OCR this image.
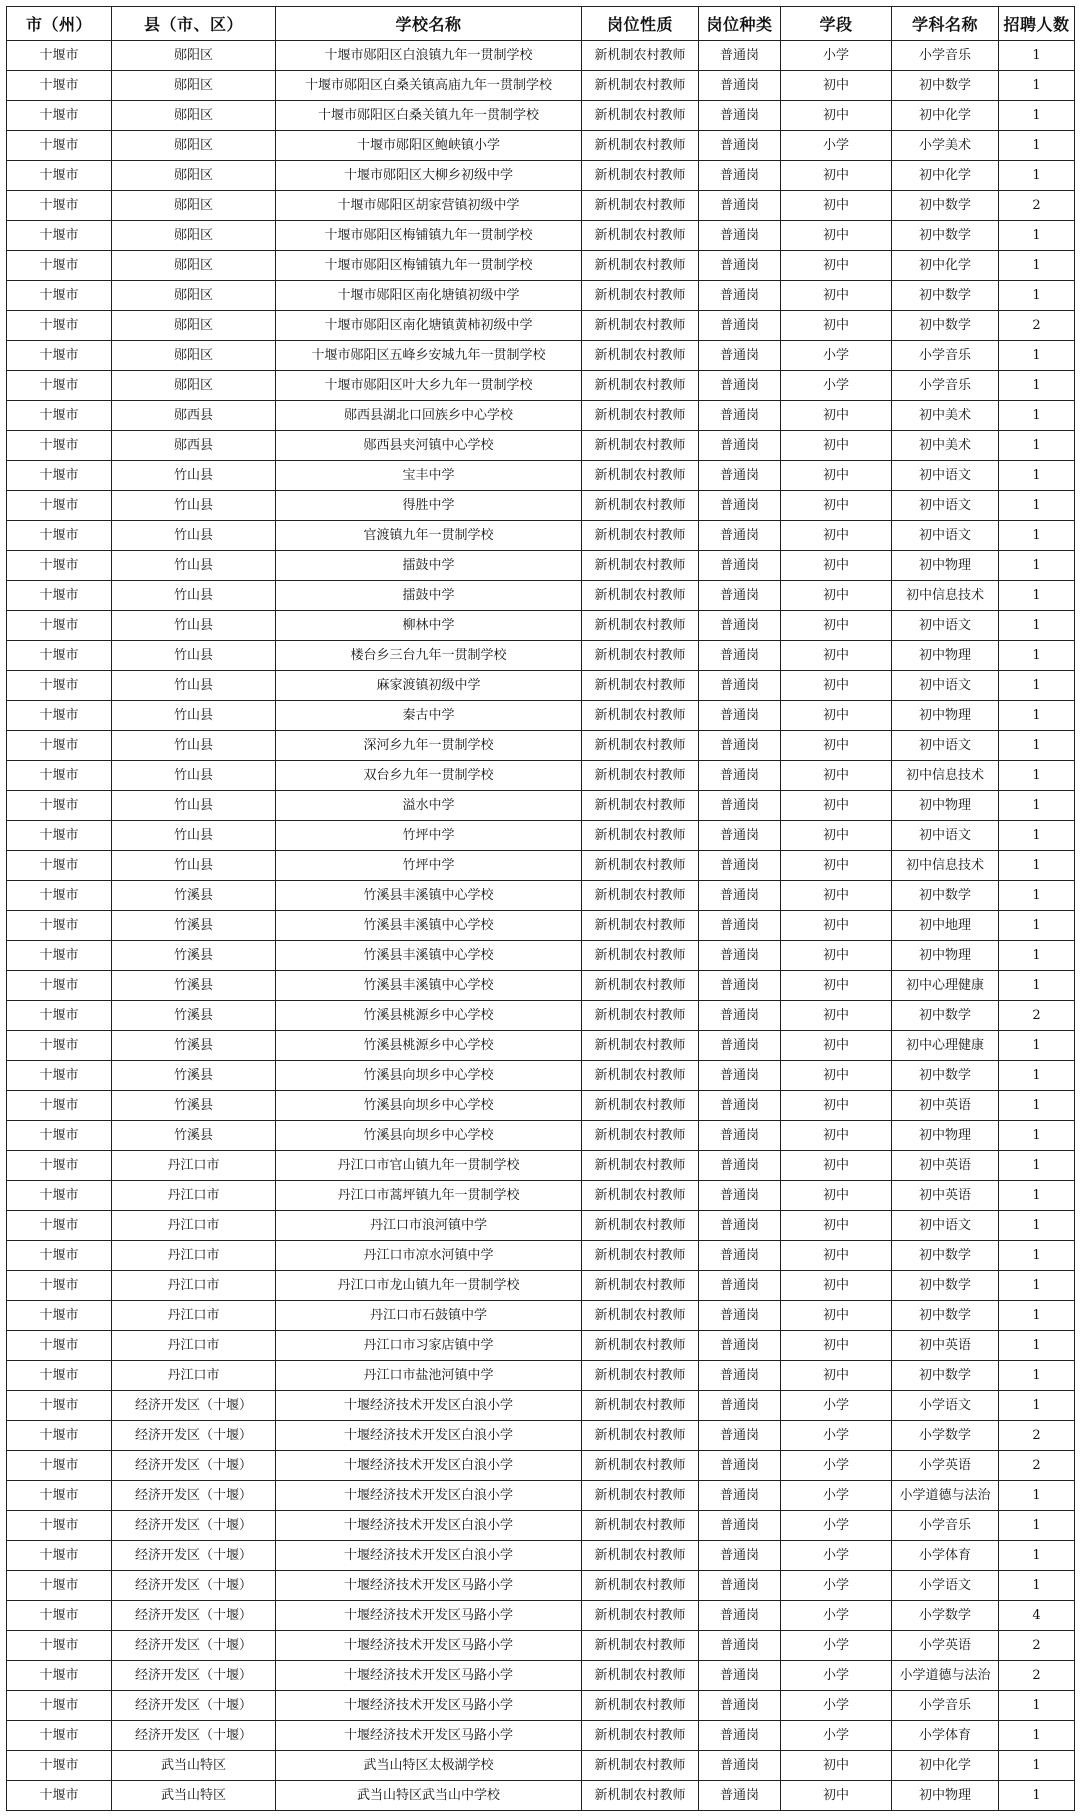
市（州）	县（市、区）	学校名称	岗位性质	岗位种类	学段	学科名称	招聘人数
十堰市	郧阳区	十堰市郧阳区白浪镇九年一贯制学校	新机制农村教师	普通岗	小学	小学音乐	1
十堰市	郧阳区	十堰市郧阳区白桑关镇高庙九年一贯制学校	新机制农村教师	普通岗	初中	初中数学	1
十堰市	郧阳区	十堰市郧阳区白桑关镇九年一贯制学校	新机制农村教师	普通岗	初中	初中化学	1
十堰市	郧阳区	十堰市郧阳区鲍峡镇小学	新机制农村教师	普通岗	小学	小学美术	1
十堰市	郧阳区	十堰市郧阳区大柳乡初级中学	新机制农村教师	普通岗	初中	初中化学	1
十堰市	郧阳区	十堰市郧阳区胡家营镇初级中学	新机制农村教师	普通岗	初中	初中数学	2
十堰市	郧阳区	十堰市郧阳区梅铺镇九年一贯制学校	新机制农村教师	普通岗	初中	初中数学	1
十堰市	郧阳区	十堰市郧阳区梅铺镇九年一贯制学校	新机制农村教师	普通岗	初中	初中化学	1
十堰市	郧阳区	十堰市郧阳区南化塘镇初级中学	新机制农村教师	普通岗	初中	初中数学	1
十堰市	郧阳区	十堰市郧阳区南化塘镇黄柿初级中学	新机制农村教师	普通岗	初中	初中数学	2
十堰市	郧阳区	十堰市郧阳区五峰乡安城九年一贯制学校	新机制农村教师	普通岗	小学	小学音乐	1
十堰市	郧阳区	十堰市郧阳区叶大乡九年一贯制学校	新机制农村教师	普通岗	小学	小学音乐	1
十堰市	郧西县	郧西县湖北口回族乡中心学校	新机制农村教师	普通岗	初中	初中美术	1
十堰市	郧西县	郧西县夹河镇中心学校	新机制农村教师	普通岗	初中	初中美术	1
十堰市	竹山县	宝丰中学	新机制农村教师	普通岗	初中	初中语文	1
十堰市	竹山县	得胜中学	新机制农村教师	普通岗	初中	初中语文	1
十堰市	竹山县	官渡镇九年一贯制学校	新机制农村教师	普通岗	初中	初中语文	1
十堰市	竹山县	擂鼓中学	新机制农村教师	普通岗	初中	初中物理	1
十堰市	竹山县	擂鼓中学	新机制农村教师	普通岗	初中	初中信息技术	1
十堰市	竹山县	柳林中学	新机制农村教师	普通岗	初中	初中语文	1
十堰市	竹山县	楼台乡三台九年一贯制学校	新机制农村教师	普通岗	初中	初中物理	1
十堰市	竹山县	麻家渡镇初级中学	新机制农村教师	普通岗	初中	初中语文	1
十堰市	竹山县	秦古中学	新机制农村教师	普通岗	初中	初中物理	1
十堰市	竹山县	深河乡九年一贯制学校	新机制农村教师	普通岗	初中	初中语文	1
十堰市	竹山县	双台乡九年一贯制学校	新机制农村教师	普通岗	初中	初中信息技术	1
十堰市	竹山县	溢水中学	新机制农村教师	普通岗	初中	初中物理	1
十堰市	竹山县	竹坪中学	新机制农村教师	普通岗	初中	初中语文	1
十堰市	竹山县	竹坪中学	新机制农村教师	普通岗	初中	初中信息技术	1
十堰市	竹溪县	竹溪县丰溪镇中心学校	新机制农村教师	普通岗	初中	初中数学	1
十堰市	竹溪县	竹溪县丰溪镇中心学校	新机制农村教师	普通岗	初中	初中地理	1
十堰市	竹溪县	竹溪县丰溪镇中心学校	新机制农村教师	普通岗	初中	初中物理	1
十堰市	竹溪县	竹溪县丰溪镇中心学校	新机制农村教师	普通岗	初中	初中心理健康	1
十堰市	竹溪县	竹溪县桃源乡中心学校	新机制农村教师	普通岗	初中	初中数学	2
十堰市	竹溪县	竹溪县桃源乡中心学校	新机制农村教师	普通岗	初中	初中心理健康	1
十堰市	竹溪县	竹溪县向坝乡中心学校	新机制农村教师	普通岗	初中	初中数学	1
十堰市	竹溪县	竹溪县向坝乡中心学校	新机制农村教师	普通岗	初中	初中英语	1
十堰市	竹溪县	竹溪县向坝乡中心学校	新机制农村教师	普通岗	初中	初中物理	1
十堰市	丹江口市	丹江口市官山镇九年一贯制学校	新机制农村教师	普通岗	初中	初中英语	1
十堰市	丹江口市	丹江口市蒿坪镇九年一贯制学校	新机制农村教师	普通岗	初中	初中英语	1
十堰市	丹江口市	丹江口市浪河镇中学	新机制农村教师	普通岗	初中	初中语文	1
十堰市	丹江口市	丹江口市凉水河镇中学	新机制农村教师	普通岗	初中	初中数学	1
十堰市	丹江口市	丹江口市龙山镇九年一贯制学校	新机制农村教师	普通岗	初中	初中数学	1
十堰市	丹江口市	丹江口市石鼓镇中学	新机制农村教师	普通岗	初中	初中数学	1
十堰市	丹江口市	丹江口市习家店镇中学	新机制农村教师	普通岗	初中	初中英语	1
十堰市	丹江口市	丹江口市盐池河镇中学	新机制农村教师	普通岗	初中	初中数学	1
十堰市	经济开发区（十堰）	十堰经济技术开发区白浪小学	新机制农村教师	普通岗	小学	小学语文	1
十堰市	经济开发区（十堰）	十堰经济技术开发区白浪小学	新机制农村教师	普通岗	小学	小学数学	2
十堰市	经济开发区（十堰）	十堰经济技术开发区白浪小学	新机制农村教师	普通岗	小学	小学英语	2
十堰市	经济开发区（十堰）	十堰经济技术开发区白浪小学	新机制农村教师	普通岗	小学	小学道德与法治	1
十堰市	经济开发区（十堰）	十堰经济技术开发区白浪小学	新机制农村教师	普通岗	小学	小学音乐	1
十堰市	经济开发区（十堰）	十堰经济技术开发区白浪小学	新机制农村教师	普通岗	小学	小学体育	1
十堰市	经济开发区（十堰）	十堰经济技术开发区马路小学	新机制农村教师	普通岗	小学	小学语文	1
十堰市	经济开发区（十堰）	十堰经济技术开发区马路小学	新机制农村教师	普通岗	小学	小学数学	4
十堰市	经济开发区（十堰）	十堰经济技术开发区马路小学	新机制农村教师	普通岗	小学	小学英语	2
十堰市	经济开发区（十堰）	十堰经济技术开发区马路小学	新机制农村教师	普通岗	小学	小学道德与法治	2
十堰市	经济开发区（十堰）	十堰经济技术开发区马路小学	新机制农村教师	普通岗	小学	小学音乐	1
十堰市	经济开发区（十堰）	十堰经济技术开发区马路小学	新机制农村教师	普通岗	小学	小学体育	1
十堰市	武当山特区	武当山特区太极湖学校	新机制农村教师	普通岗	初中	初中化学	1
十堰市	武当山特区	武当山特区武当山中学校	新机制农村教师	普通岗	初中	初中物理	1
